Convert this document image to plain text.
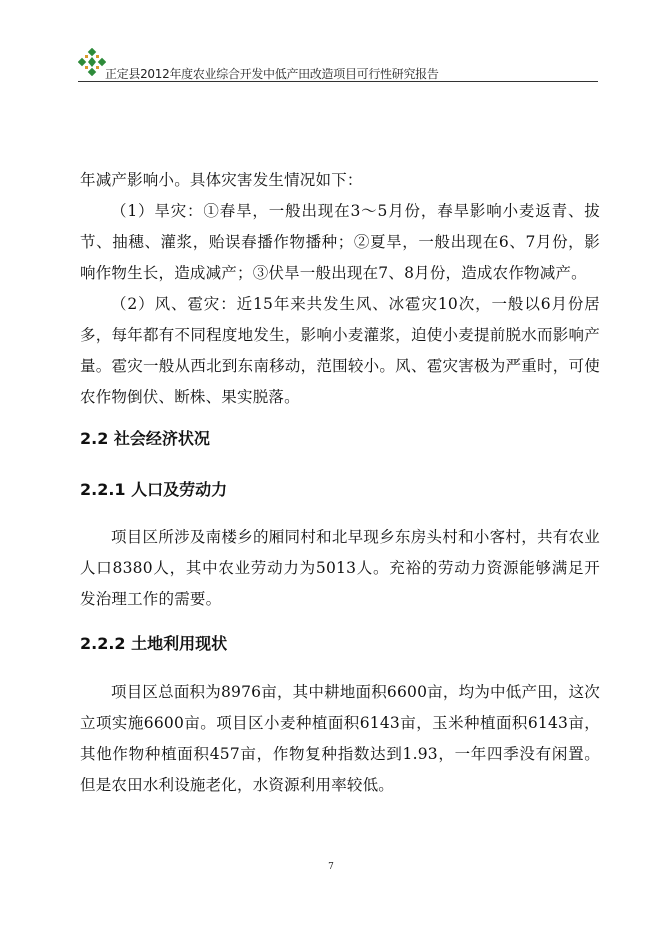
正定县2012年度农业综合开发中低产田改造项目可行性研究报告

年减产影响小。具体灾害发生情况如下：

（1）旱灾：①春旱，一般出现在3～5月份，春旱影响小麦返青、拔节、抽穗、灌浆，贻误春播作物播种；②夏旱，一般出现在6、7月份，影响作物生长，造成减产；③伏旱一般出现在7、8月份，造成农作物减产。

（2）风、雹灾：近15年来共发生风、冰雹灾10次，一般以6月份居多，每年都有不同程度地发生，影响小麦灌浆，迫使小麦提前脱水而影响产量。雹灾一般从西北到东南移动，范围较小。风、雹灾害极为严重时，可使农作物倒伏、断株、果实脱落。

2.2 社会经济状况
2.2.1 人口及劳动力

项目区所涉及南楼乡的厢同村和北早现乡东房头村和小客村，共有农业人口8380人，其中农业劳动力为5013人。充裕的劳动力资源能够满足开发治理工作的需要。

2.2.2 土地利用现状

项目区总面积为8976亩，其中耕地面积6600亩，均为中低产田，这次立项实施6600亩。项目区小麦种植面积6143亩，玉米种植面积6143亩，其他作物种植面积457亩，作物复种指数达到1.93，一年四季没有闲置。但是农田水利设施老化，水资源利用率较低。

7
